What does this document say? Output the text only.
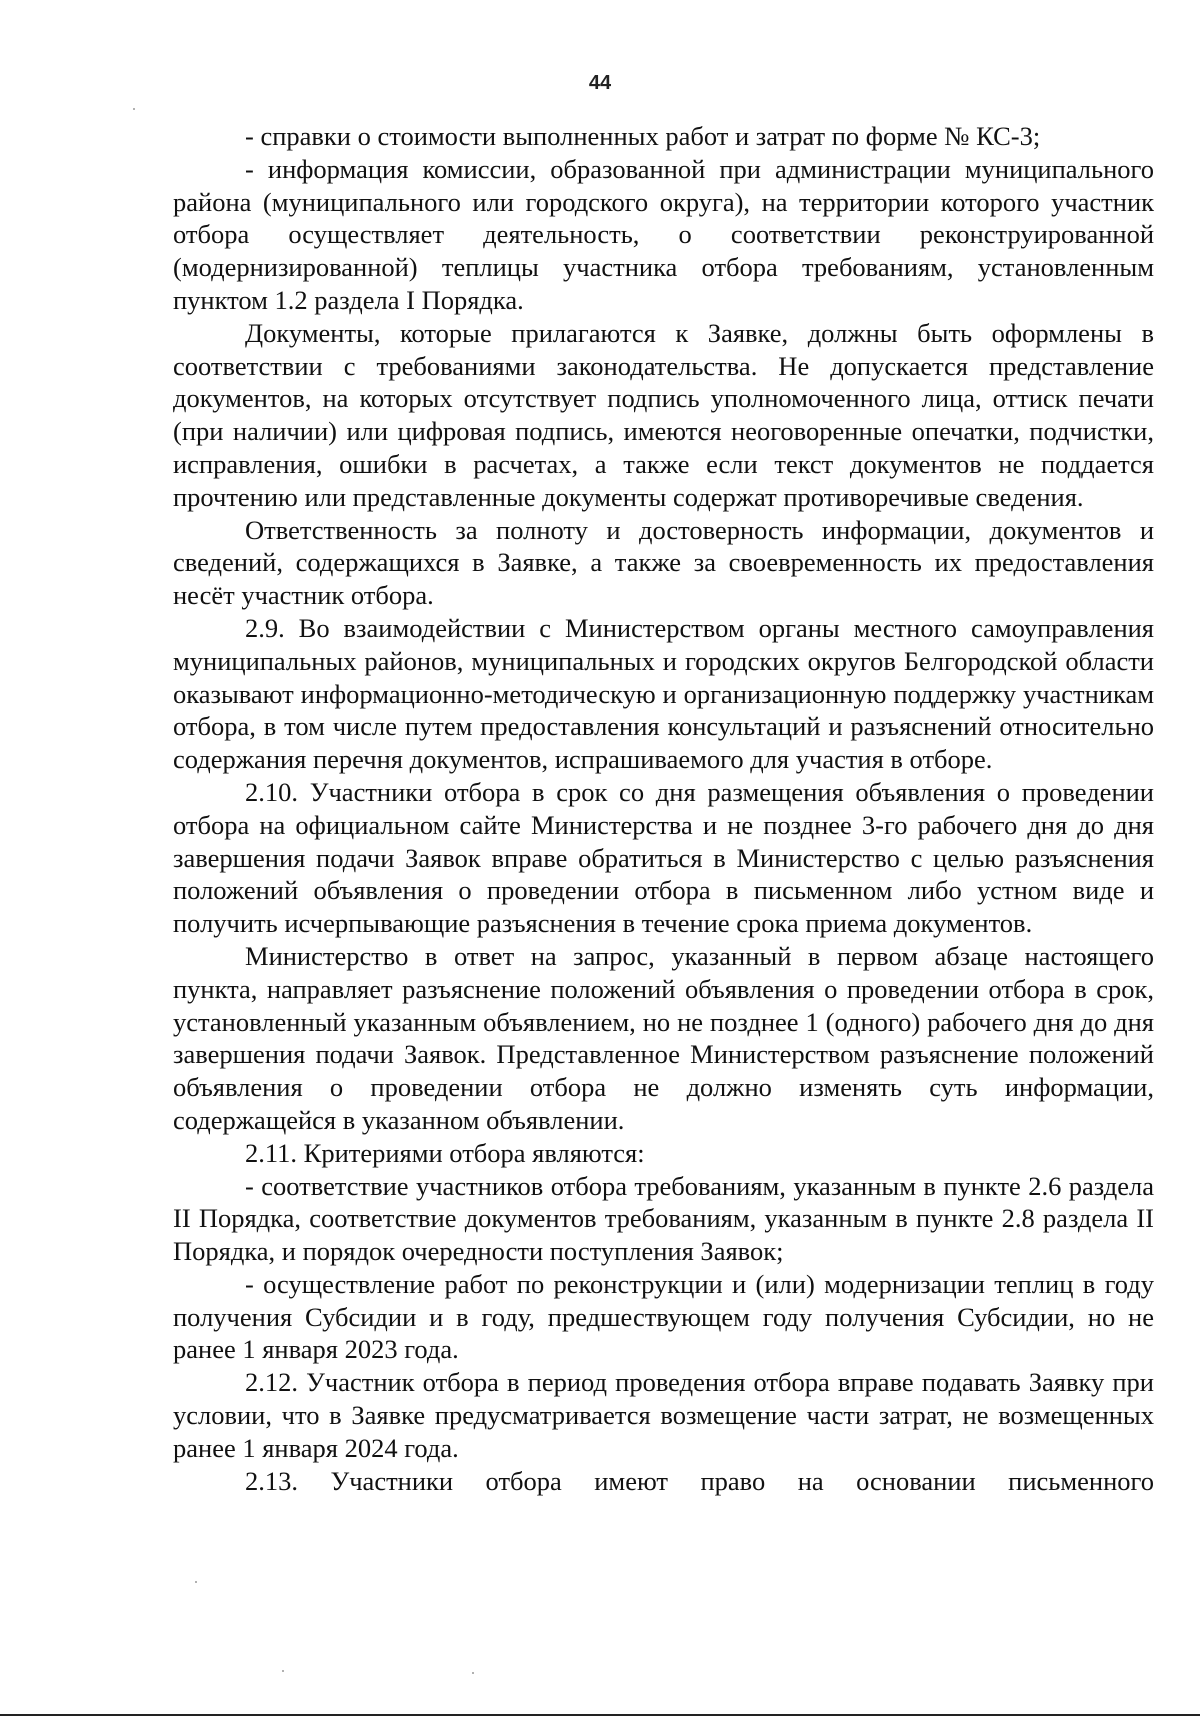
44

- справки о стоимости выполненных работ и затрат по форме № КС-3;

- информация комиссии, образованной при администрации муниципального района (муниципального или городского округа), на территории которого участник отбора осуществляет деятельность, о соответствии реконструированной (модернизированной) теплицы участника отбора требованиям, установленным пунктом 1.2 раздела I Порядка.

Документы, которые прилагаются к Заявке, должны быть оформлены в соответствии с требованиями законодательства. Не допускается представление документов, на которых отсутствует подпись уполномоченного лица, оттиск печати (при наличии) или цифровая подпись, имеются неоговоренные опечатки, подчистки, исправления, ошибки в расчетах, а также если текст документов не поддается прочтению или представленные документы содержат противоречивые сведения.

Ответственность за полноту и достоверность информации, документов и сведений, содержащихся в Заявке, а также за своевременность их предоставления несёт участник отбора.

2.9. Во взаимодействии с Министерством органы местного самоуправления муниципальных районов, муниципальных и городских округов Белгородской области оказывают информационно-методическую и организационную поддержку участникам отбора, в том числе путем предоставления консультаций и разъяснений относительно содержания перечня документов, испрашиваемого для участия в отборе.

2.10. Участники отбора в срок со дня размещения объявления о проведении отбора на официальном сайте Министерства и не позднее 3-го рабочего дня до дня завершения подачи Заявок вправе обратиться в Министерство с целью разъяснения положений объявления о проведении отбора в письменном либо устном виде и получить исчерпывающие разъяснения в течение срока приема документов.

Министерство в ответ на запрос, указанный в первом абзаце настоящего пункта, направляет разъяснение положений объявления о проведении отбора в срок, установленный указанным объявлением, но не позднее 1 (одного) рабочего дня до дня завершения подачи Заявок. Представленное Министерством разъяснение положений объявления о проведении отбора не должно изменять суть информации, содержащейся в указанном объявлении.

2.11. Критериями отбора являются:

- соответствие участников отбора требованиям, указанным в пункте 2.6 раздела II Порядка, соответствие документов требованиям, указанным в пункте 2.8 раздела II Порядка, и порядок очередности поступления Заявок;

- осуществление работ по реконструкции и (или) модернизации теплиц в году получения Субсидии и в году, предшествующем году получения Субсидии, но не ранее 1 января 2023 года.

2.12. Участник отбора в период проведения отбора вправе подавать Заявку при условии, что в Заявке предусматривается возмещение части затрат, не возмещенных ранее 1 января 2024 года.

2.13. Участники отбора имеют право на основании письменного
